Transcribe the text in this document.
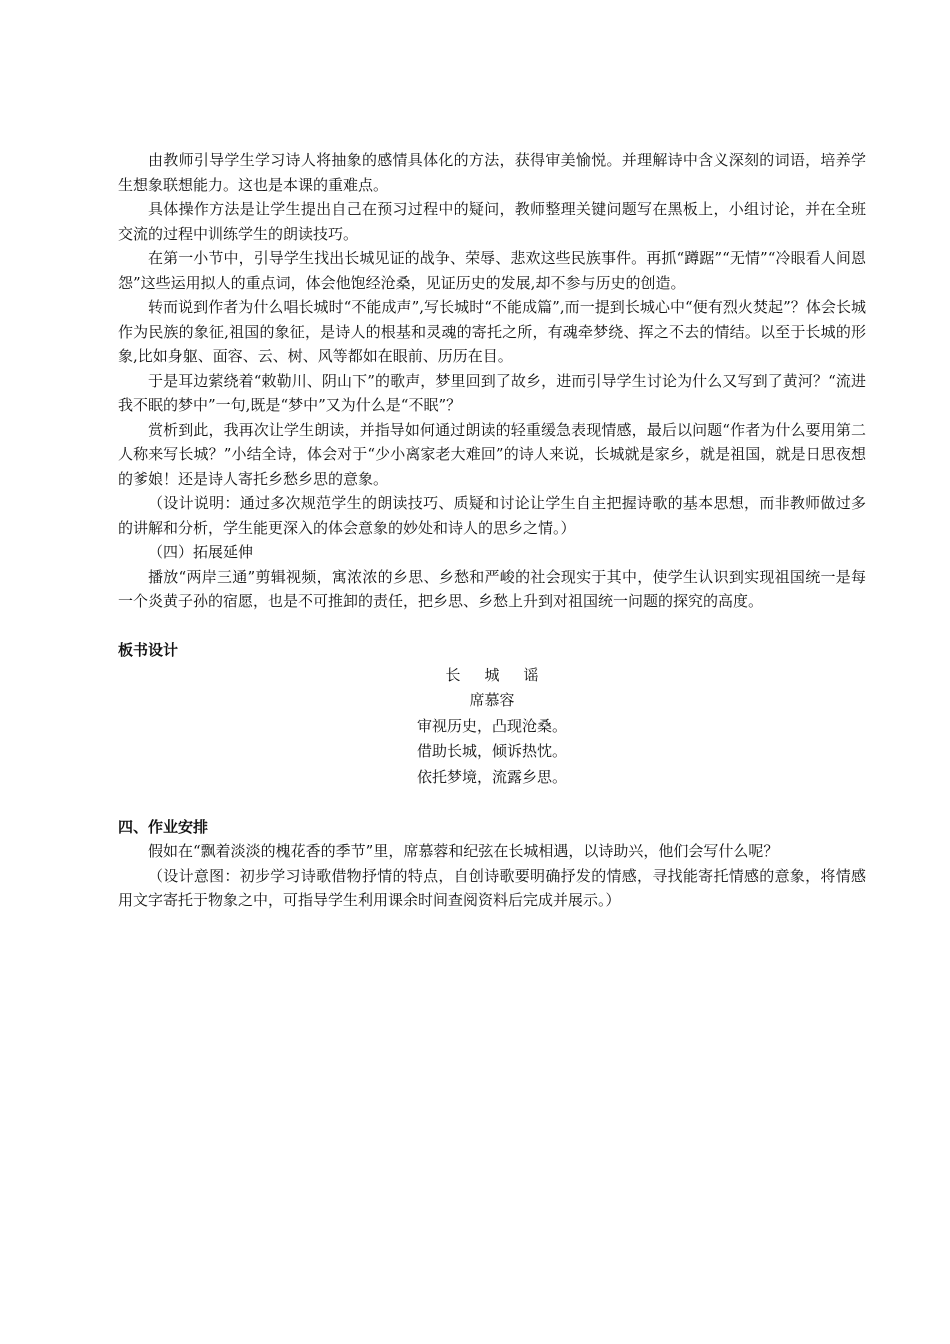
由教师引导学生学习诗人将抽象的感情具体化的方法，获得审美愉悦。并理解诗中含义深刻的词语，培养学生想象联想能力。这也是本课的重难点。

具体操作方法是让学生提出自己在预习过程中的疑问，教师整理关键问题写在黑板上，小组讨论，并在全班交流的过程中训练学生的朗读技巧。

在第一小节中，引导学生找出长城见证的战争、荣辱、悲欢这些民族事件。再抓“蹲踞”“无情”“冷眼看人间恩怨”这些运用拟人的重点词，体会他饱经沧桑，见证历史的发展,却不参与历史的创造。

转而说到作者为什么唱长城时“不能成声”,写长城时“不能成篇”,而一提到长城心中“便有烈火焚起”？体会长城作为民族的象征,祖国的象征，是诗人的根基和灵魂的寄托之所，有魂牵梦绕、挥之不去的情结。以至于长城的形象,比如身躯、面容、云、树、风等都如在眼前、历历在目。

于是耳边萦绕着“敕勒川、阴山下”的歌声，梦里回到了故乡，进而引导学生讨论为什么又写到了黄河？“流进我不眠的梦中”一句,既是“梦中”又为什么是“不眠”？

赏析到此，我再次让学生朗读，并指导如何通过朗读的轻重缓急表现情感，最后以问题“作者为什么要用第二人称来写长城？”小结全诗，体会对于“少小离家老大难回”的诗人来说，长城就是家乡，就是祖国，就是日思夜想的爹娘！还是诗人寄托乡愁乡思的意象。

（设计说明：通过多次规范学生的朗读技巧、质疑和讨论让学生自主把握诗歌的基本思想，而非教师做过多的讲解和分析，学生能更深入的体会意象的妙处和诗人的思乡之情。）

（四）拓展延伸

播放“两岸三通”剪辑视频，寓浓浓的乡思、乡愁和严峻的社会现实于其中，使学生认识到实现祖国统一是每一个炎黄子孙的宿愿，也是不可推卸的责任，把乡思、乡愁上升到对祖国统一问题的探究的高度。

板书设计

长城谣

席慕容

审视历史，凸现沧桑。

借助长城，倾诉热忱。

依托梦境，流露乡思。

四、作业安排

假如在“飘着淡淡的槐花香的季节”里，席慕蓉和纪弦在长城相遇，以诗助兴，他们会写什么呢？

（设计意图：初步学习诗歌借物抒情的特点，自创诗歌要明确抒发的情感，寻找能寄托情感的意象，将情感用文字寄托于物象之中，可指导学生利用课余时间查阅资料后完成并展示。）
